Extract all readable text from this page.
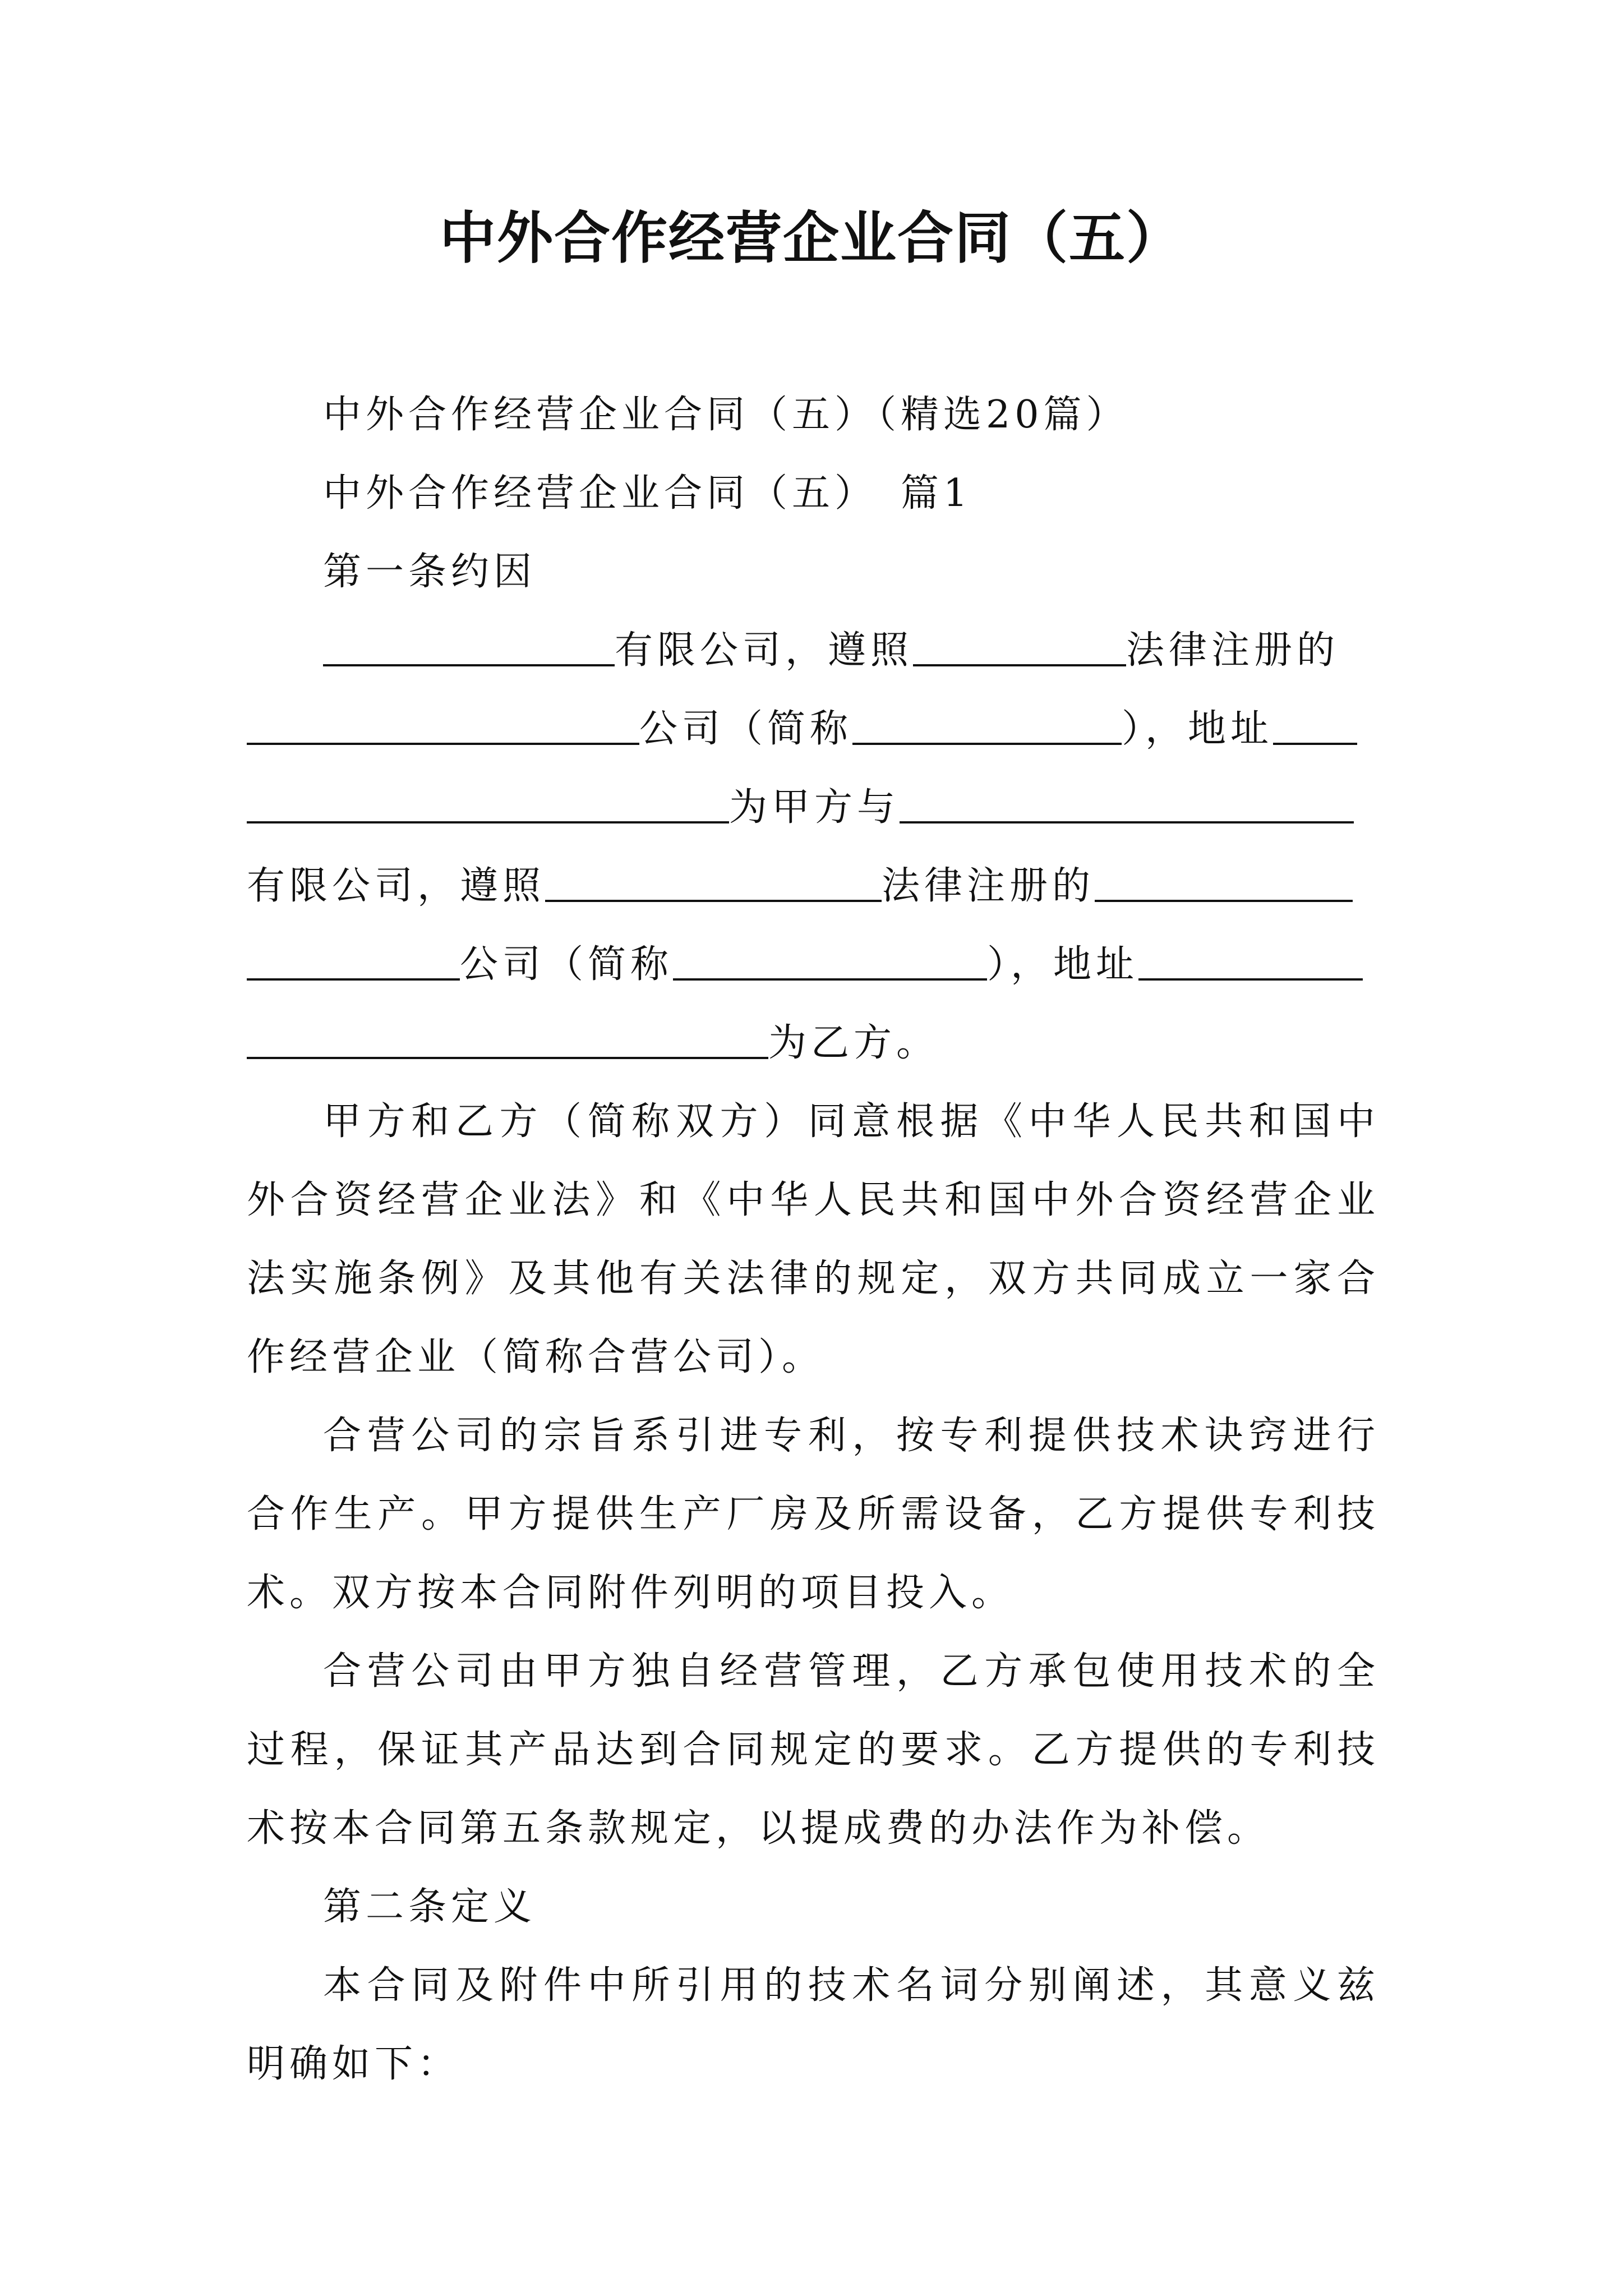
中外合作经营企业合同（五）

中外合作经营企业合同（五）（精选20篇）

中外合作经营企业合同（五）　篇1

第一条约因

有限公司，遵照	法律注册的
公司（简称	），地址
为甲方与
有限公司，遵照	法律注册的
公司（简称	），地址
为乙方。

甲方和乙方（简称双方）同意根据《中华人民共和国中外合资经营企业法》和《中华人民共和国中外合资经营企业法实施条例》及其他有关法律的规定，双方共同成立一家合作经营企业（简称合营公司）。

合营公司的宗旨系引进专利，按专利提供技术诀窍进行合作生产。甲方提供生产厂房及所需设备，乙方提供专利技术。双方按本合同附件列明的项目投入。

合营公司由甲方独自经营管理，乙方承包使用技术的全过程，保证其产品达到合同规定的要求。乙方提供的专利技术按本合同第五条款规定，以提成费的办法作为补偿。

第二条定义

本合同及附件中所引用的技术名词分别阐述，其意义兹明确如下：
